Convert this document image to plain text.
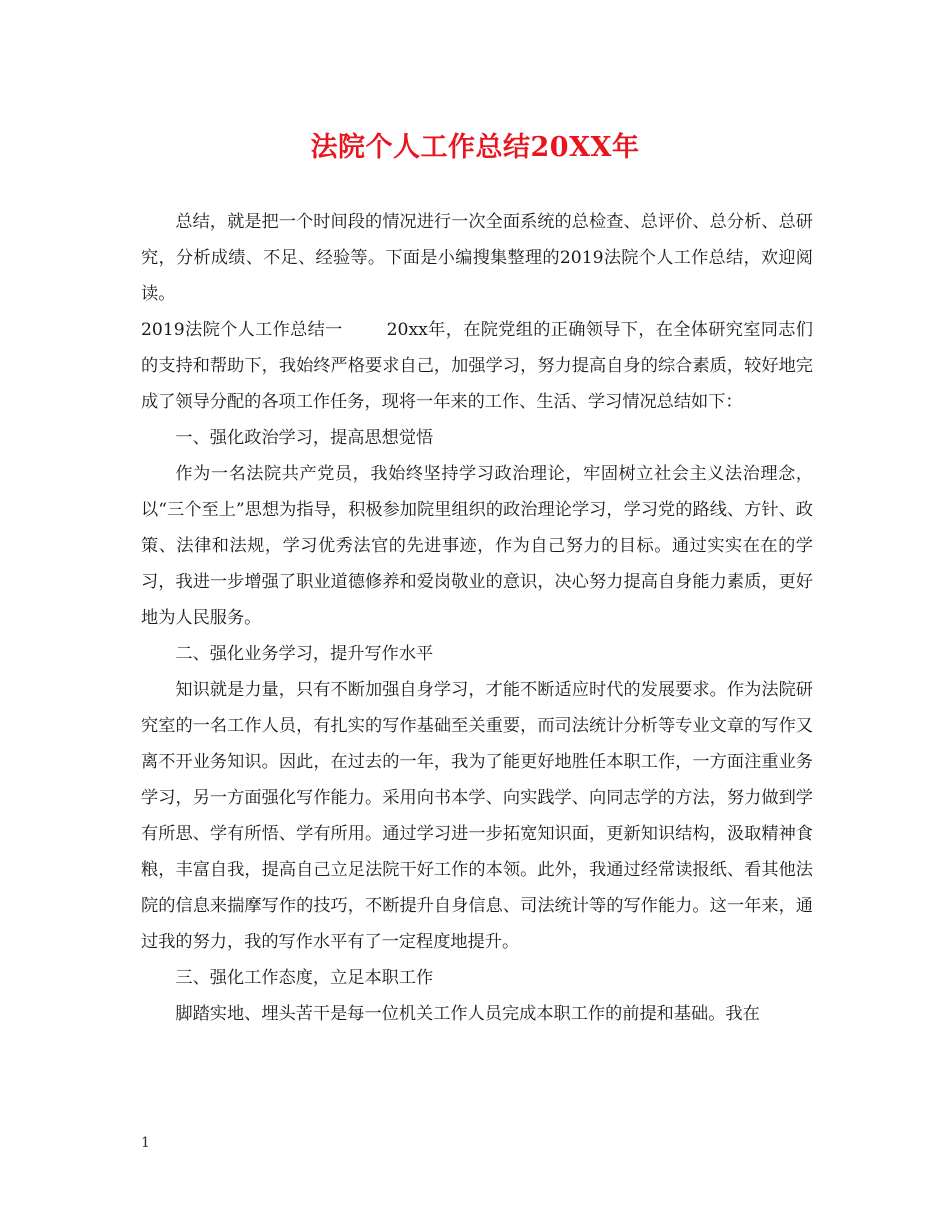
法院个人工作总结20XX年

总结，就是把一个时间段的情况进行一次全面系统的总检查、总评价、总分析、总研究，分析成绩、不足、经验等。下面是小编搜集整理的2019法院个人工作总结，欢迎阅读。

2019法院个人工作总结一	20xx年，在院党组的正确领导下，在全体研究室同志们的支持和帮助下，我始终严格要求自己，加强学习，努力提高自身的综合素质，较好地完成了领导分配的各项工作任务，现将一年来的工作、生活、学习情况总结如下：

一、强化政治学习，提高思想觉悟

作为一名法院共产党员，我始终坚持学习政治理论，牢固树立社会主义法治理念，以“三个至上”思想为指导，积极参加院里组织的政治理论学习，学习党的路线、方针、政策、法律和法规，学习优秀法官的先进事迹，作为自己努力的目标。通过实实在在的学习，我进一步增强了职业道德修养和爱岗敬业的意识，决心努力提高自身能力素质，更好地为人民服务。

二、强化业务学习，提升写作水平

知识就是力量，只有不断加强自身学习，才能不断适应时代的发展要求。作为法院研究室的一名工作人员，有扎实的写作基础至关重要，而司法统计分析等专业文章的写作又离不开业务知识。因此，在过去的一年，我为了能更好地胜任本职工作，一方面注重业务学习，另一方面强化写作能力。采用向书本学、向实践学、向同志学的方法，努力做到学有所思、学有所悟、学有所用。通过学习进一步拓宽知识面，更新知识结构，汲取精神食粮，丰富自我，提高自己立足法院干好工作的本领。此外，我通过经常读报纸、看其他法院的信息来揣摩写作的技巧，不断提升自身信息、司法统计等的写作能力。这一年来，通过我的努力，我的写作水平有了一定程度地提升。

三、强化工作态度，立足本职工作

脚踏实地、埋头苦干是每一位机关工作人员完成本职工作的前提和基础。我在

1
